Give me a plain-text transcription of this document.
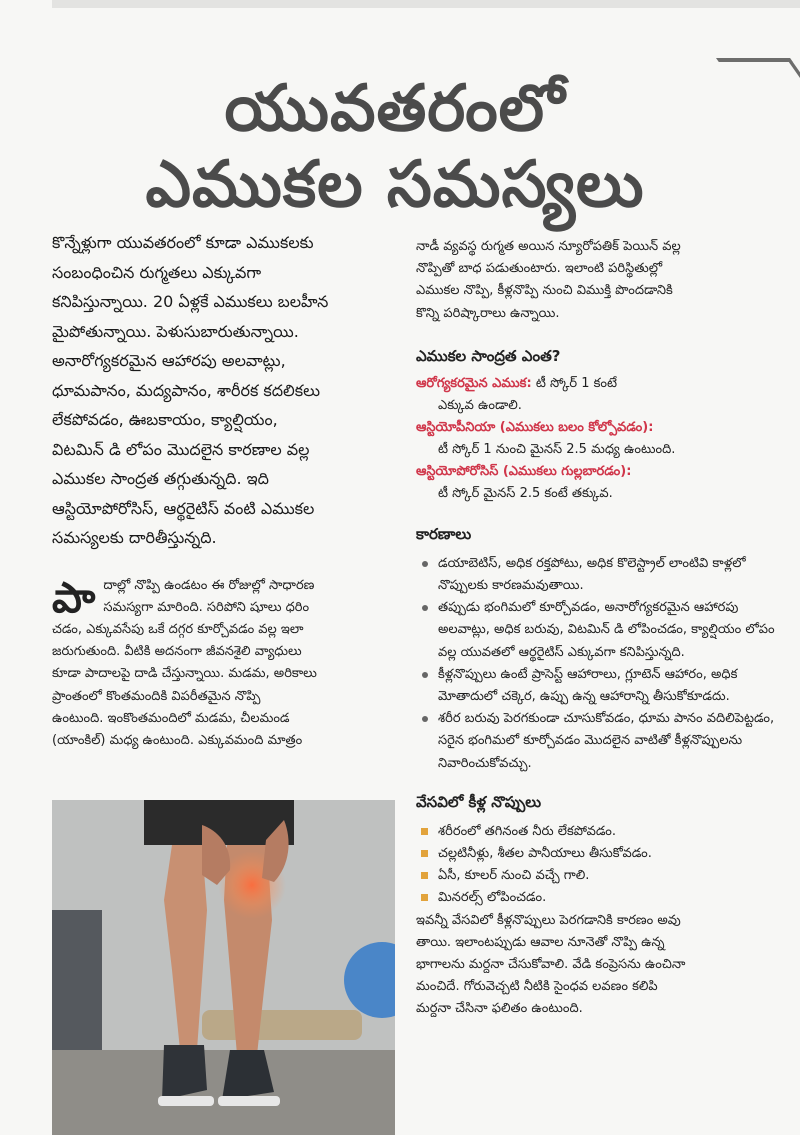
యువతరంలో
ఎముకల సమస్యలు

కొన్నేళ్లుగా యువతరంలో కూడా ఎముకలకు

సంబంధించిన రుగ్మతలు ఎక్కువగా

కనిపిస్తున్నాయి. 20 ఏళ్లకే ఎముకలు బలహీన

మైపోతున్నాయి. పెళుసుబారుతున్నాయి.

అనారోగ్యకరమైన ఆహారపు అలవాట్లు,

ధూమపానం, మద్యపానం, శారీరక కదలికలు

లేకపోవడం, ఊబకాయం, క్యాల్షియం,

విటమిన్ డి లోపం మొదలైన కారణాల వల్ల

ఎముకల సాంద్రత తగ్గుతున్నది. ఇది

ఆస్టియోపోరోసిస్, ఆర్థరైటిస్ వంటి ఎముకల

సమస్యలకు దారితీస్తున్నది.

పా దాల్లో నొప్పి ఉండటం ఈ రోజుల్లో సాధారణ

సమస్యగా మారింది. సరిపోని షూలు ధరిం

చడం, ఎక్కువసేపు ఒకే దగ్గర కూర్చోవడం వల్ల ఇలా

జరుగుతుంది. వీటికి అదనంగా జీవనశైలి వ్యాధులు

కూడా పాదాలపై దాడి చేస్తున్నాయి. మడమ, అరికాలు

ప్రాంతంలో కొంతమందికి విపరీతమైన నొప్పి

ఉంటుంది. ఇంకొంతమందిలో మడమ, చీలమండ

(యాంకిల్) మధ్య ఉంటుంది. ఎక్కువమంది మాత్రం

నాడీ వ్యవస్థ రుగ్మత అయిన న్యూరోపతిక్ పెయిన్ వల్ల

నొప్పితో బాధ పడుతుంటారు. ఇలాంటి పరిస్థితుల్లో

ఎముకల నొప్పి, కీళ్లనొప్పి నుంచి విముక్తి పొందడానికి

కొన్ని పరిష్కారాలు ఉన్నాయి.

ఎముకల సాంద్రత ఎంత?

ఆరోగ్యకరమైన ఎముక: టీ స్కోర్ 1 కంటే

ఎక్కువ ఉండాలి.

ఆస్టియోపీనియా (ఎముకలు బలం కోల్పోవడం):

టీ స్కోర్ 1 నుంచి మైనస్ 2.5 మధ్య ఉంటుంది.

ఆస్టియోపోరోసిస్ (ఎముకలు గుల్లబారడం):

టీ స్కోర్ మైనస్ 2.5 కంటే తక్కువ.

కారణాలు

డయాబెటిస్, అధిక రక్తపోటు, అధిక కొలెస్ట్రాల్ లాంటివి కాళ్లలో నొప్పులకు కారణమవుతాయి.
తప్పుడు భంగిమలో కూర్చోవడం, అనారోగ్యకరమైన ఆహారపు అలవాట్లు, అధిక బరువు, విటమిన్ డి లోపించడం, క్యాల్షియం లోపం వల్ల యువతలో ఆర్థరైటిస్ ఎక్కువగా కనిపిస్తున్నది.
కీళ్లనొప్పులు ఉంటే ప్రాసెస్ట్ ఆహారాలు, గ్లూటెన్ ఆహారం, అధిక మోతాదులో చక్కెర, ఉప్పు ఉన్న ఆహారాన్ని తీసుకోకూడదు.
శరీర బరువు పెరగకుండా చూసుకోవడం, ధూమ పానం వదిలిపెట్టడం, సరైన భంగిమలో కూర్చోవడం మొదలైన వాటితో కీళ్లనొప్పులను నివారించుకోవచ్చు.

వేసవిలో కీళ్ల నొప్పులు

శరీరంలో తగినంత నీరు లేకపోవడం.
చల్లటినీళ్లు, శీతల పానీయాలు తీసుకోవడం.
ఏసీ, కూలర్ నుంచి వచ్చే గాలి.
మినరల్స్ లోపించడం.

ఇవన్నీ వేసవిలో కీళ్లనొప్పులు పెరగడానికి కారణం అవు

తాయి. ఇలాంటప్పుడు ఆవాల నూనెతో నొప్పి ఉన్న

భాగాలను మర్దనా చేసుకోవాలి. వేడి కంప్రెసను ఉంచినా

మంచిదే. గోరువెచ్చటి నీటికి సైంధవ లవణం కలిపి

మర్దనా చేసినా ఫలితం ఉంటుంది.
